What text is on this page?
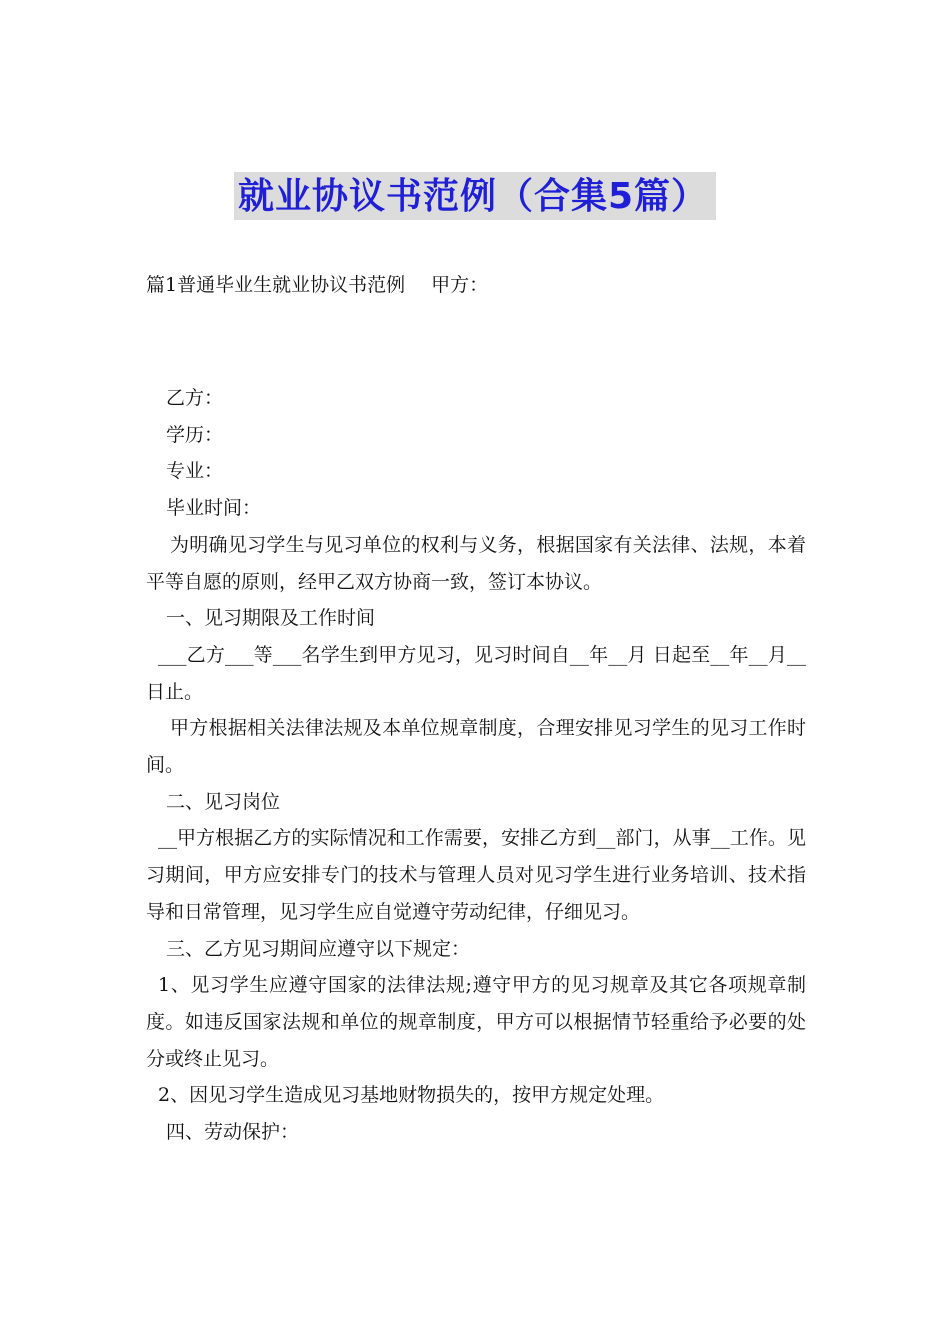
就业协议书范例（合集5篇）
篇1普通毕业生就业协议书范例 甲方：

乙方：

学历：

专业：

毕业时间：

为明确见习学生与见习单位的权利与义务，根据国家有关法律、法规，本着平等自愿的原则，经甲乙双方协商一致，签订本协议。

一、见习期限及工作时间

___乙方___等___名学生到甲方见习，见习时间自__年__月 日起至__年__月__日止。

甲方根据相关法律法规及本单位规章制度，合理安排见习学生的见习工作时间。

二、见习岗位

__甲方根据乙方的实际情况和工作需要，安排乙方到__部门，从事__工作。见习期间，甲方应安排专门的技术与管理人员对见习学生进行业务培训、技术指导和日常管理，见习学生应自觉遵守劳动纪律，仔细见习。

三、乙方见习期间应遵守以下规定：

1、见习学生应遵守国家的法律法规;遵守甲方的见习规章及其它各项规章制度。如违反国家法规和单位的规章制度，甲方可以根据情节轻重给予必要的处分或终止见习。

2、因见习学生造成见习基地财物损失的，按甲方规定处理。

四、劳动保护：
